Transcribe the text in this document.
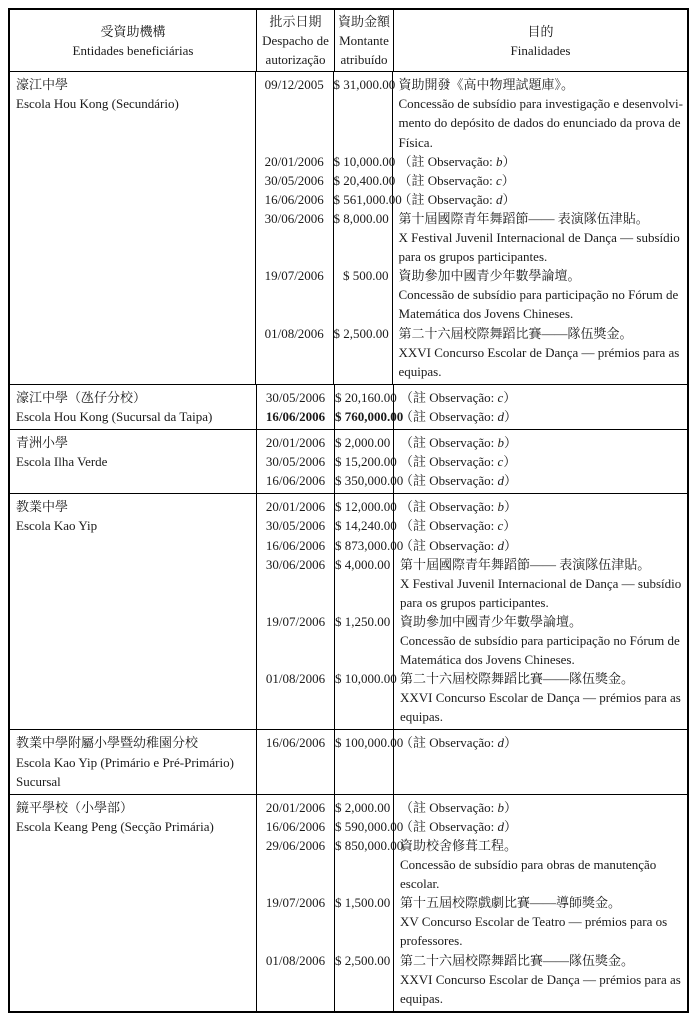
受資助機構
Entidades beneficiárias
批示日期
Despacho de
autorização
資助金額
Montante
atribuído
目的
Finalidades
濠江中學
Escola Hou Kong (Secundário)
09/12/2005
20/01/2006
30/05/2006
16/06/2006
30/06/2006
19/07/2006
01/08/2006
$ 31,000.00
$ 10,000.00
$ 20,400.00
$ 561,000.00
$ 8,000.00
$ 500.00
$ 2,500.00
資助開發《高中物理試題庫》。
Concessão de subsídio para investigação e desenvolvi-
mento do depósito de dados do enunciado da prova de
Física.
（註 Observação: b）
（註 Observação: c）
（註 Observação: d）
第十屆國際青年舞蹈節—— 表演隊伍津貼。
X Festival Juvenil Internacional de Dança — subsídio
para os grupos participantes.
資助參加中國青少年數學論壇。
Concessão de subsídio para participação no Fórum de
Matemática dos Jovens Chineses.
第二十六屆校際舞蹈比賽——隊伍獎金。
XXVI Concurso Escolar de Dança — prémios para as
equipas.
濠江中學（氹仔分校）
Escola Hou Kong (Sucursal da Taipa)
30/05/2006
16/06/2006
$ 20,160.00
$ 760,000.00
（註 Observação: c）
（註 Observação: d）
青洲小學
Escola Ilha Verde
20/01/2006
30/05/2006
16/06/2006
$ 2,000.00
$ 15,200.00
$ 350,000.00
（註 Observação: b）
（註 Observação: c）
（註 Observação: d）
教業中學
Escola Kao Yip
20/01/2006
30/05/2006
16/06/2006
30/06/2006
19/07/2006
01/08/2006
$ 12,000.00
$ 14,240.00
$ 873,000.00
$ 4,000.00
$ 1,250.00
$ 10,000.00
（註 Observação: b）
（註 Observação: c）
（註 Observação: d）
第十屆國際青年舞蹈節—— 表演隊伍津貼。
X Festival Juvenil Internacional de Dança — subsídio
para os grupos participantes.
資助參加中國青少年數學論壇。
Concessão de subsídio para participação no Fórum de
Matemática dos Jovens Chineses.
第二十六屆校際舞蹈比賽——隊伍獎金。
XXVI Concurso Escolar de Dança — prémios para as
equipas.
教業中學附屬小學暨幼稚園分校
Escola Kao Yip (Primário e Pré-Primário)
Sucursal
16/06/2006 $ 100,000.00
（註 Observação: d）
鏡平學校（小學部）
Escola Keang Peng (Secção Primária)
20/01/2006
16/06/2006
29/06/2006
19/07/2006
01/08/2006
$ 2,000.00
$ 590,000.00
$ 850,000.00
$ 1,500.00
$ 2,500.00
（註 Observação: b）
（註 Observação: d）
資助校舍修葺工程。
Concessão de subsídio para obras de manutenção
escolar.
第十五屆校際戲劇比賽——導師獎金。
XV Concurso Escolar de Teatro — prémios para os
professores.
第二十六屆校際舞蹈比賽——隊伍獎金。
XXVI Concurso Escolar de Dança — prémios para as
equipas.
